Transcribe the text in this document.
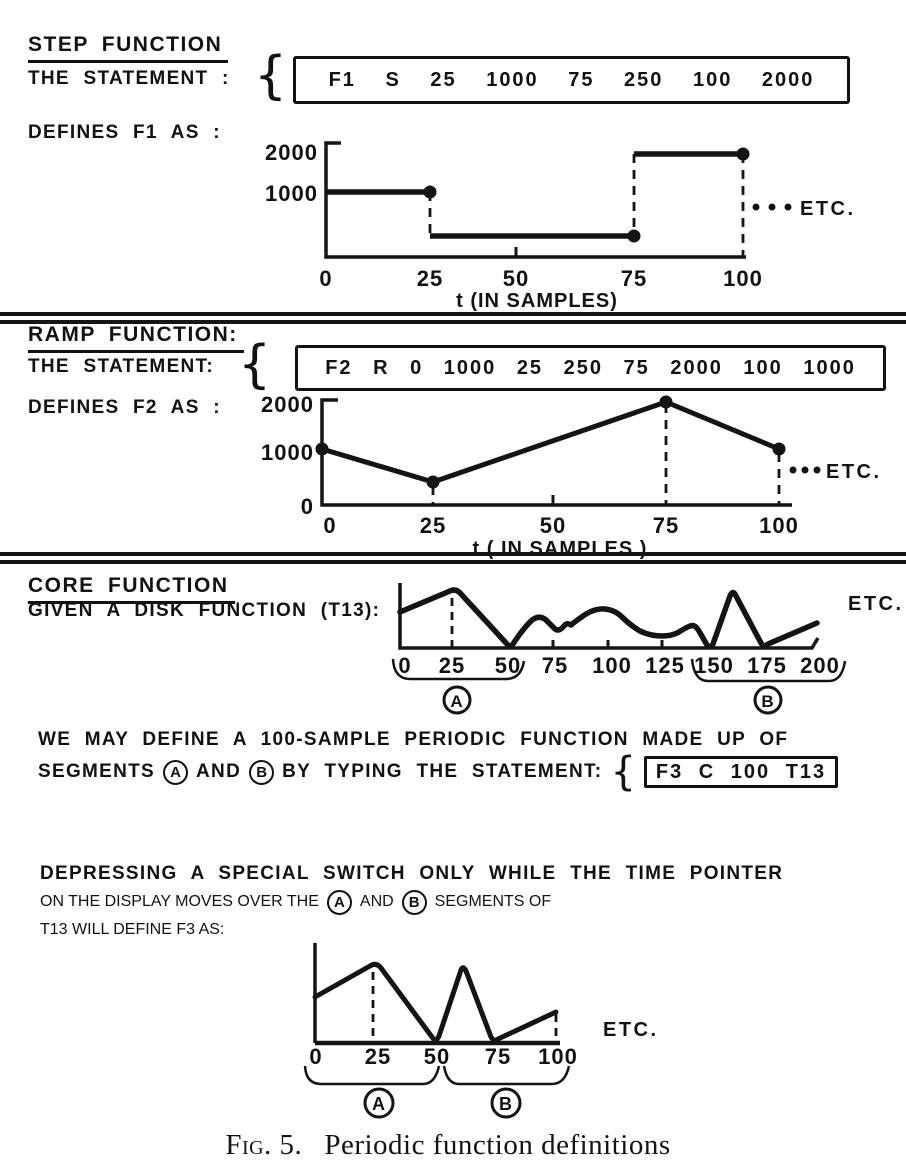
STEP FUNCTION
THE STATEMENT : { F1 S 25 1000 75 250 100 2000
DEFINES F1 AS :
2000
1000
0	25	50	75	100
ETC.
t (IN SAMPLES)
RAMP FUNCTION:
THE STATEMENT: {	F2 R 0 1000 25 250 75 2000 100 1000
DEFINES F2 AS : 2000
1000
0
0	25	50	75	100
ETC.
t ( IN SAMPLES )
CORE FUNCTION
GIVEN A DISK FUNCTION (T13):
0 25 50 75 100 125 150 175 200
A	B
ETC.
WE MAY DEFINE A 100-SAMPLE PERIODIC FUNCTION MADE UP OF
SEGMENTS	A AND	B BY TYPING THE STATEMENT: { F3 C 100 T13
DEPRESSING A SPECIAL SWITCH ONLY WHILE THE TIME POINTER
ON THE DISPLAY MOVES OVER THE	A AND	B SEGMENTS OF
T13 WILL DEFINE F3 AS:
0 25 50 75 100
A	B
ETC.
Fig. 5. Periodic function definitions
